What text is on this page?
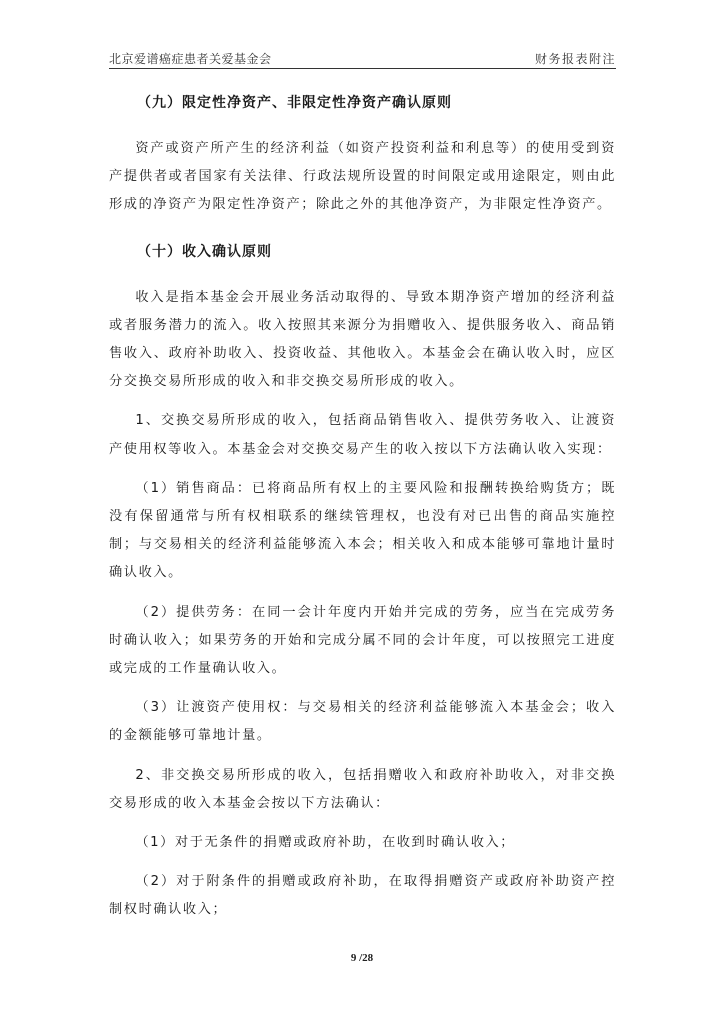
北京爱谱癌症患者关爱基金会	财务报表附注

（九）限定性净资产、非限定性净资产确认原则

资产或资产所产生的经济利益（如资产投资利益和利息等）的使用受到资产提供者或者国家有关法律、行政法规所设置的时间限定或用途限定，则由此形成的净资产为限定性净资产；除此之外的其他净资产，为非限定性净资产。

（十）收入确认原则

收入是指本基金会开展业务活动取得的、导致本期净资产增加的经济利益或者服务潜力的流入。收入按照其来源分为捐赠收入、提供服务收入、商品销售收入、政府补助收入、投资收益、其他收入。本基金会在确认收入时，应区分交换交易所形成的收入和非交换交易所形成的收入。

1、交换交易所形成的收入，包括商品销售收入、提供劳务收入、让渡资产使用权等收入。本基金会对交换交易产生的收入按以下方法确认收入实现：

（1）销售商品：已将商品所有权上的主要风险和报酬转换给购货方；既没有保留通常与所有权相联系的继续管理权，也没有对已出售的商品实施控制；与交易相关的经济利益能够流入本会；相关收入和成本能够可靠地计量时确认收入。

（2）提供劳务：在同一会计年度内开始并完成的劳务，应当在完成劳务时确认收入；如果劳务的开始和完成分属不同的会计年度，可以按照完工进度或完成的工作量确认收入。

（3）让渡资产使用权：与交易相关的经济利益能够流入本基金会；收入的金额能够可靠地计量。

2、非交换交易所形成的收入，包括捐赠收入和政府补助收入，对非交换交易形成的收入本基金会按以下方法确认：

（1）对于无条件的捐赠或政府补助，在收到时确认收入；

（2）对于附条件的捐赠或政府补助，在取得捐赠资产或政府补助资产控制权时确认收入；

9 /28
